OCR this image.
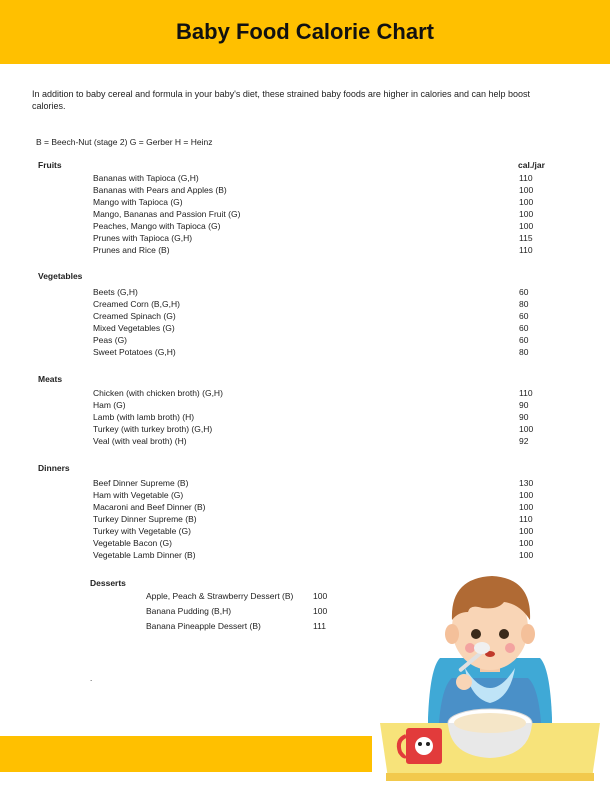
Baby Food Calorie Chart
In addition to baby cereal and formula in your baby's diet, these strained baby foods are higher in calories and can help boost calories.
B = Beech-Nut (stage 2) G = Gerber H = Heinz
Fruits	cal./jar
Bananas with Tapioca (G,H)	110
Bananas with Pears and Apples (B)	100
Mango with Tapioca (G)	100
Mango, Bananas and Passion Fruit (G)	100
Peaches, Mango with Tapioca (G)	100
Prunes with Tapioca (G,H)	115
Prunes and Rice (B)	110
Vegetables
Beets (G,H)	60
Creamed Corn (B,G,H)	80
Creamed Spinach (G)	60
Mixed Vegetables (G)	60
Peas (G)	60
Sweet Potatoes (G,H)	80
Meats
Chicken (with chicken broth) (G,H)	110
Ham (G)	90
Lamb (with lamb broth) (H)	90
Turkey (with turkey broth) (G,H)	100
Veal (with veal broth) (H)	92
Dinners
Beef Dinner Supreme (B)	130
Ham with Vegetable (G)	100
Macaroni and Beef Dinner (B)	100
Turkey Dinner Supreme (B)	110
Turkey with Vegetable (G)	100
Vegetable Bacon (G)	100
Vegetable Lamb Dinner (B)	100
Desserts
Apple, Peach & Strawberry Dessert (B) 100
Banana Pudding (B,H)	100
Banana Pineapple Dessert (B)	111
.
